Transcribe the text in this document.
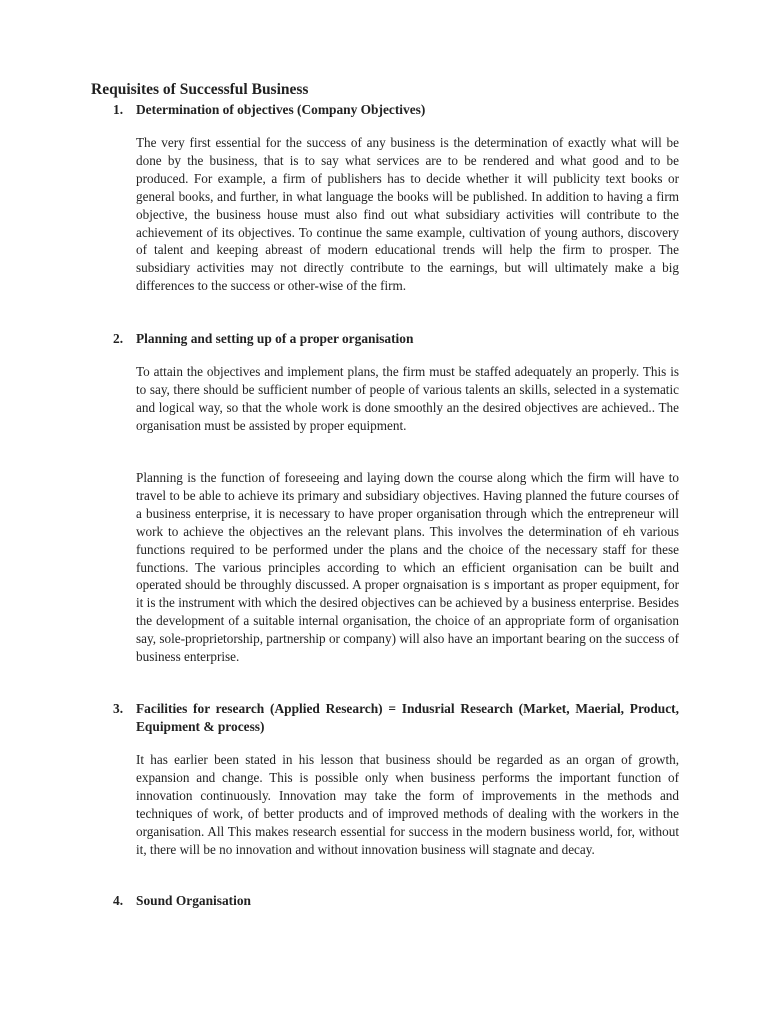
Requisites of Successful Business
1. Determination of objectives (Company Objectives)

The very first essential for the success of any business is the determination of exactly what will be done by the business, that is to say what services are to be rendered and what good and to be produced. For example, a firm of publishers has to decide whether it will publicity text books or general books, and further, in what language the books will be published. In addition to having a firm objective, the business house must also find out what subsidiary activities will contribute to the achievement of its objectives. To continue the same example, cultivation of young authors, discovery of talent and keeping abreast of modern educational trends will help the firm to prosper. The subsidiary activities may not directly contribute to the earnings, but will ultimately make a big differences to the success or other-wise of the firm.

2. Planning and setting up of a proper organisation

To attain the objectives and implement plans, the firm must be staffed adequately an properly. This is to say, there should be sufficient number of people of various talents an skills, selected in a systematic and logical way, so that the whole work is done smoothly an the desired objectives are achieved.. The organisation must be assisted by proper equipment.

Planning is the function of foreseeing and laying down the course along which the firm will have to travel to be able to achieve its primary and subsidiary objectives. Having planned the future courses of a business enterprise, it is necessary to have proper organisation through which the entrepreneur will work to achieve the objectives an the relevant plans. This involves the determination of eh various functions required to be performed under the plans and the choice of the necessary staff for these functions. The various principles according to which an efficient organisation can be built and operated should be throughly discussed. A proper orgnaisation is s important as proper equipment, for it is the instrument with which the desired objectives can be achieved by a business enterprise. Besides the development of a suitable internal organisation, the choice of an appropriate form of organisation say, sole-proprietorship, partnership or company) will also have an important bearing on the success of business enterprise.

3. Facilities for research (Applied Research) = Indusrial Research (Market, Maerial, Product, Equipment & process)

It has earlier been stated in his lesson that business should be regarded as an organ of growth, expansion and change. This is possible only when business performs the important function of innovation continuously. Innovation may take the form of improvements in the methods and techniques of work, of better products and of improved methods of dealing with the workers in the organisation. All This makes research essential for success in the modern business world, for, without it, there will be no innovation and without innovation business will stagnate and decay.

4. Sound Organisation
